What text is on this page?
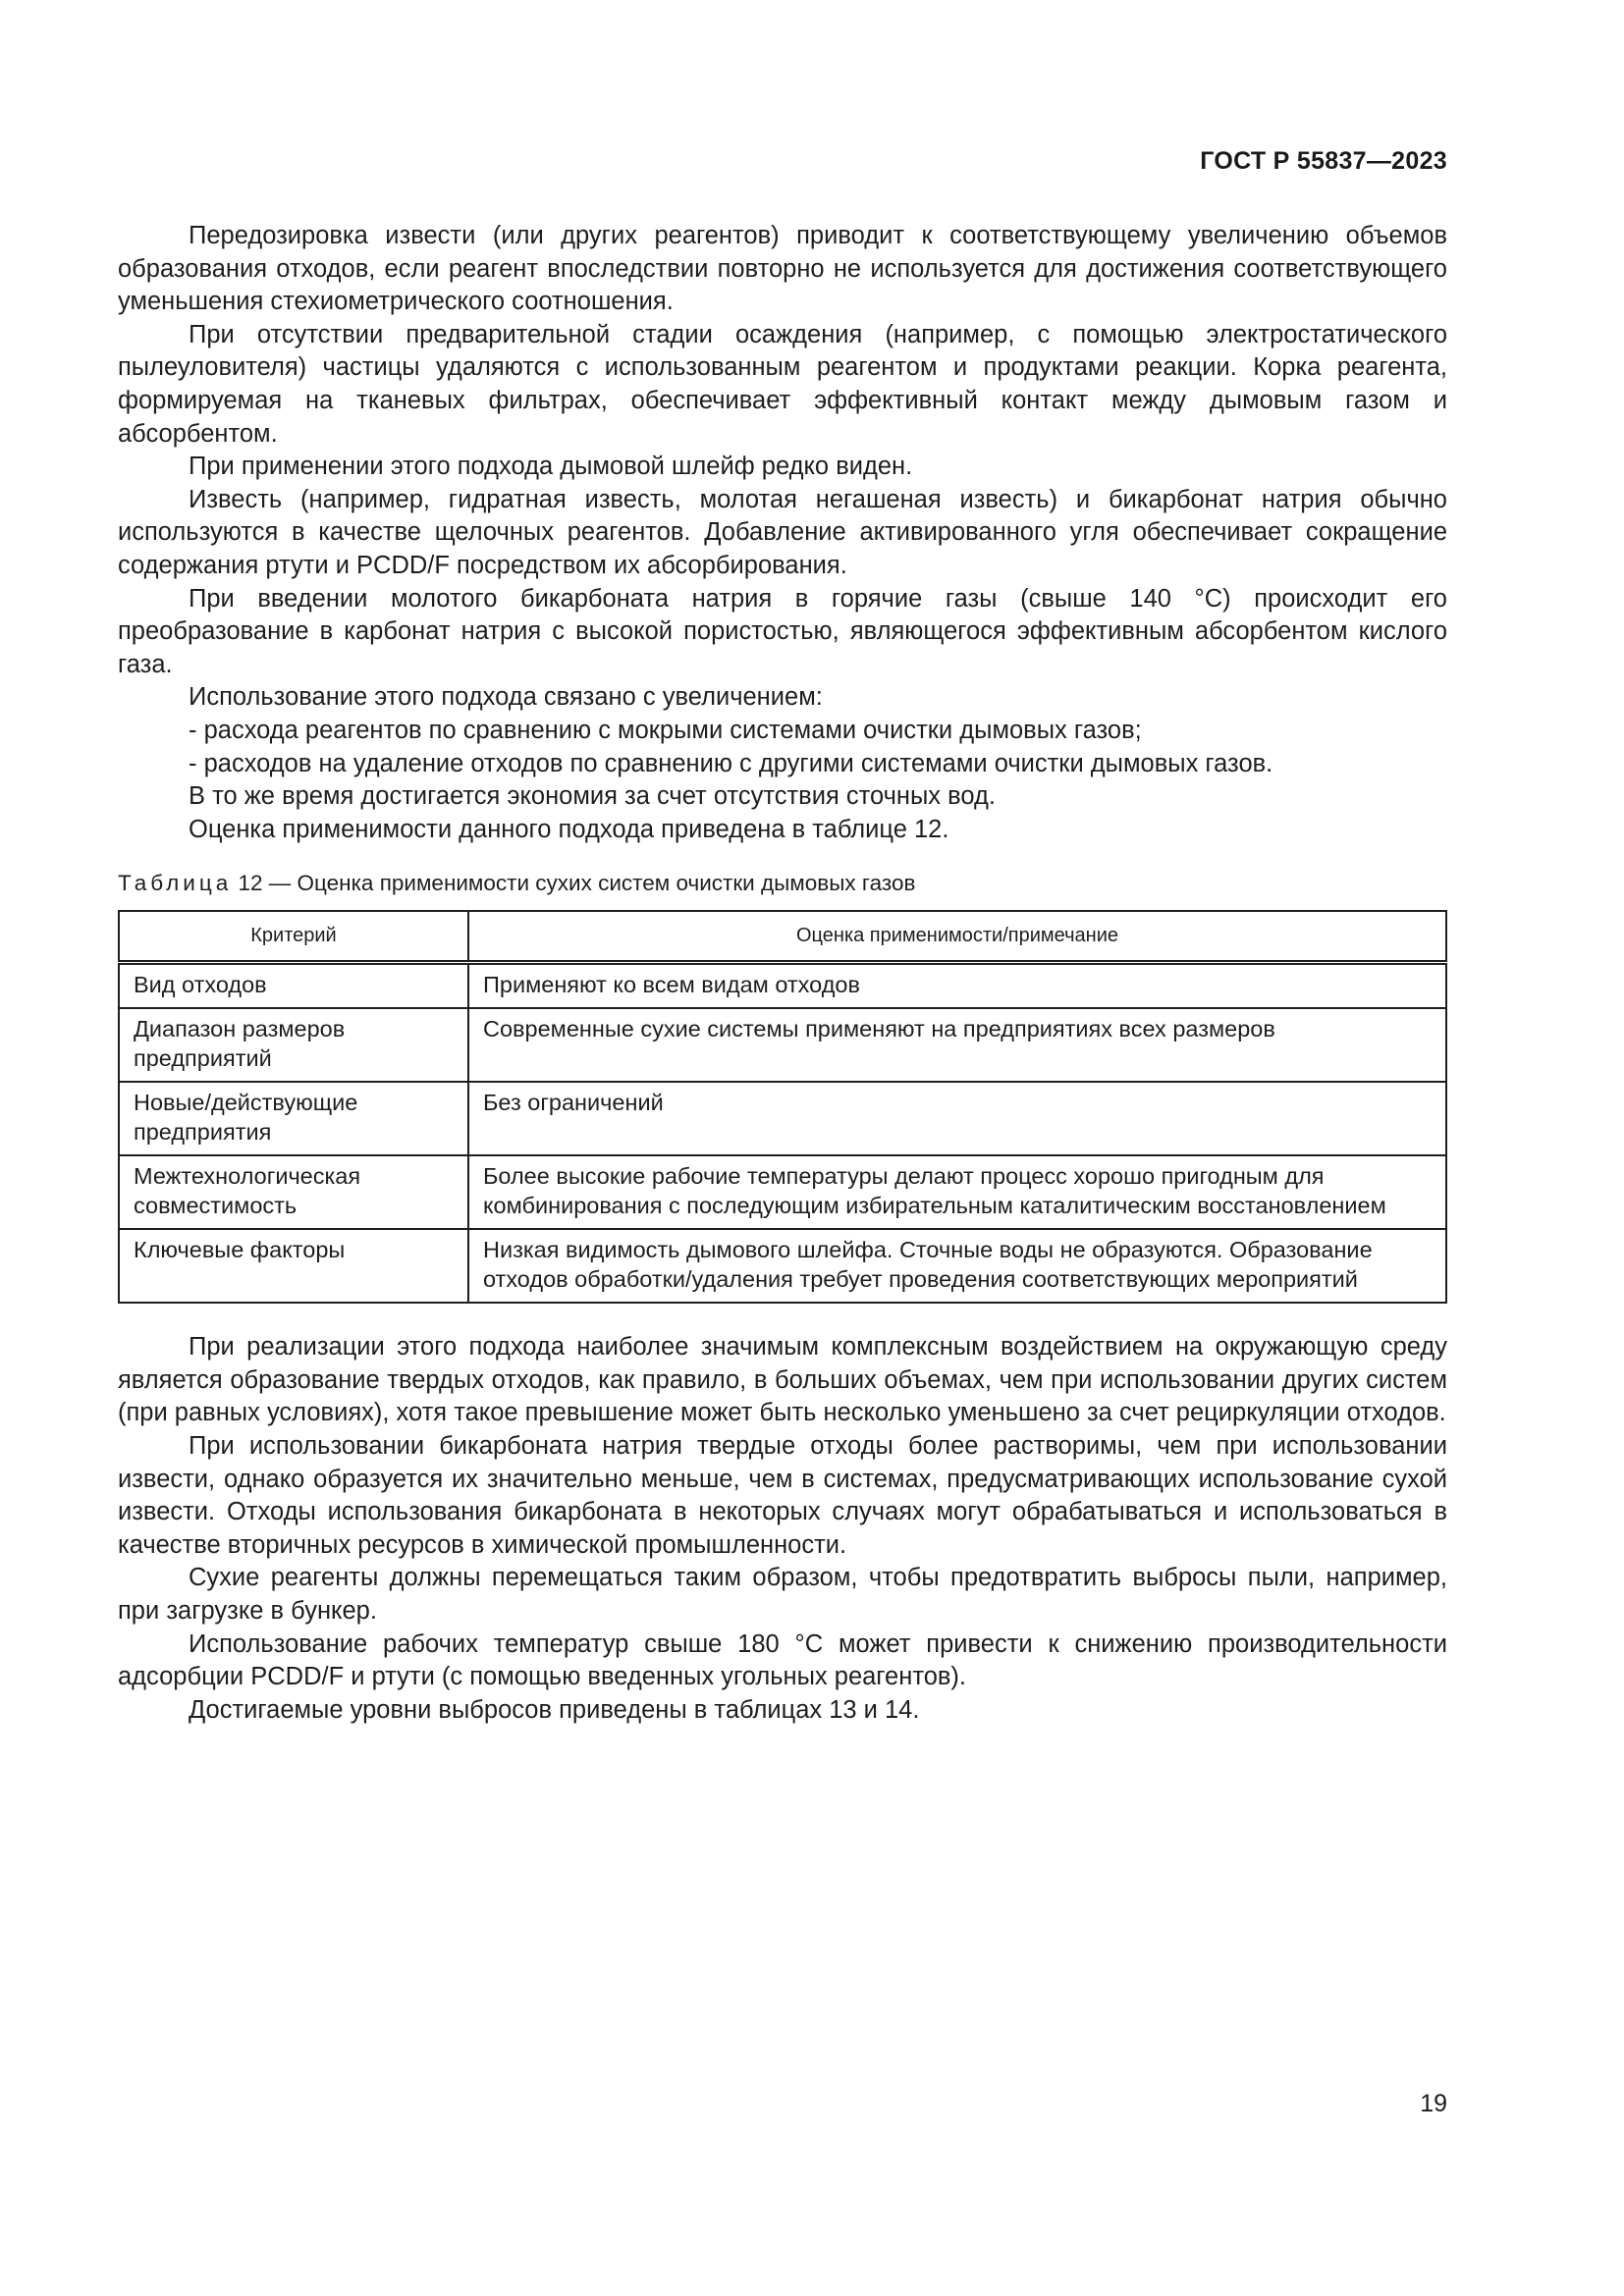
ГОСТ Р 55837—2023

Передозировка извести (или других реагентов) приводит к соответствующему увеличению объемов образования отходов, если реагент впоследствии повторно не используется для достижения соответствующего уменьшения стехиометрического соотношения.

При отсутствии предварительной стадии осаждения (например, с помощью электростатического пылеуловителя) частицы удаляются с использованным реагентом и продуктами реакции. Корка реагента, формируемая на тканевых фильтрах, обеспечивает эффективный контакт между дымовым газом и абсорбентом.

При применении этого подхода дымовой шлейф редко виден.

Известь (например, гидратная известь, молотая негашеная известь) и бикарбонат натрия обычно используются в качестве щелочных реагентов. Добавление активированного угля обеспечивает сокращение содержания ртути и PCDD/F посредством их абсорбирования.

При введении молотого бикарбоната натрия в горячие газы (свыше 140 °С) происходит его преобразование в карбонат натрия с высокой пористостью, являющегося эффективным абсорбентом кислого газа.

Использование этого подхода связано с увеличением:

- расхода реагентов по сравнению с мокрыми системами очистки дымовых газов;

- расходов на удаление отходов по сравнению с другими системами очистки дымовых газов.

В то же время достигается экономия за счет отсутствия сточных вод.

Оценка применимости данного подхода приведена в таблице 12.

Таблица 12 — Оценка применимости сухих систем очистки дымовых газов
Критерий	Оценка применимости/примечание
Вид отходов	Применяют ко всем видам отходов
Диапазон размеров предприятий	Современные сухие системы применяют на предприятиях всех размеров
Новые/действующие предприятия	Без ограничений
Межтехнологическая совместимость	Более высокие рабочие температуры делают процесс хорошо пригодным для комбинирования с последующим избирательным каталитическим восстановлением
Ключевые факторы	Низкая видимость дымового шлейфа. Сточные воды не образуются. Образование отходов обработки/удаления требует проведения соответствующих мероприятий

При реализации этого подхода наиболее значимым комплексным воздействием на окружающую среду является образование твердых отходов, как правило, в больших объемах, чем при использовании других систем (при равных условиях), хотя такое превышение может быть несколько уменьшено за счет рециркуляции отходов.

При использовании бикарбоната натрия твердые отходы более растворимы, чем при использовании извести, однако образуется их значительно меньше, чем в системах, предусматривающих использование сухой извести. Отходы использования бикарбоната в некоторых случаях могут обрабатываться и использоваться в качестве вторичных ресурсов в химической промышленности.

Сухие реагенты должны перемещаться таким образом, чтобы предотвратить выбросы пыли, например, при загрузке в бункер.

Использование рабочих температур свыше 180 °С может привести к снижению производительности адсорбции PCDD/F и ртути (с помощью введенных угольных реагентов).

Достигаемые уровни выбросов приведены в таблицах 13 и 14.

19
